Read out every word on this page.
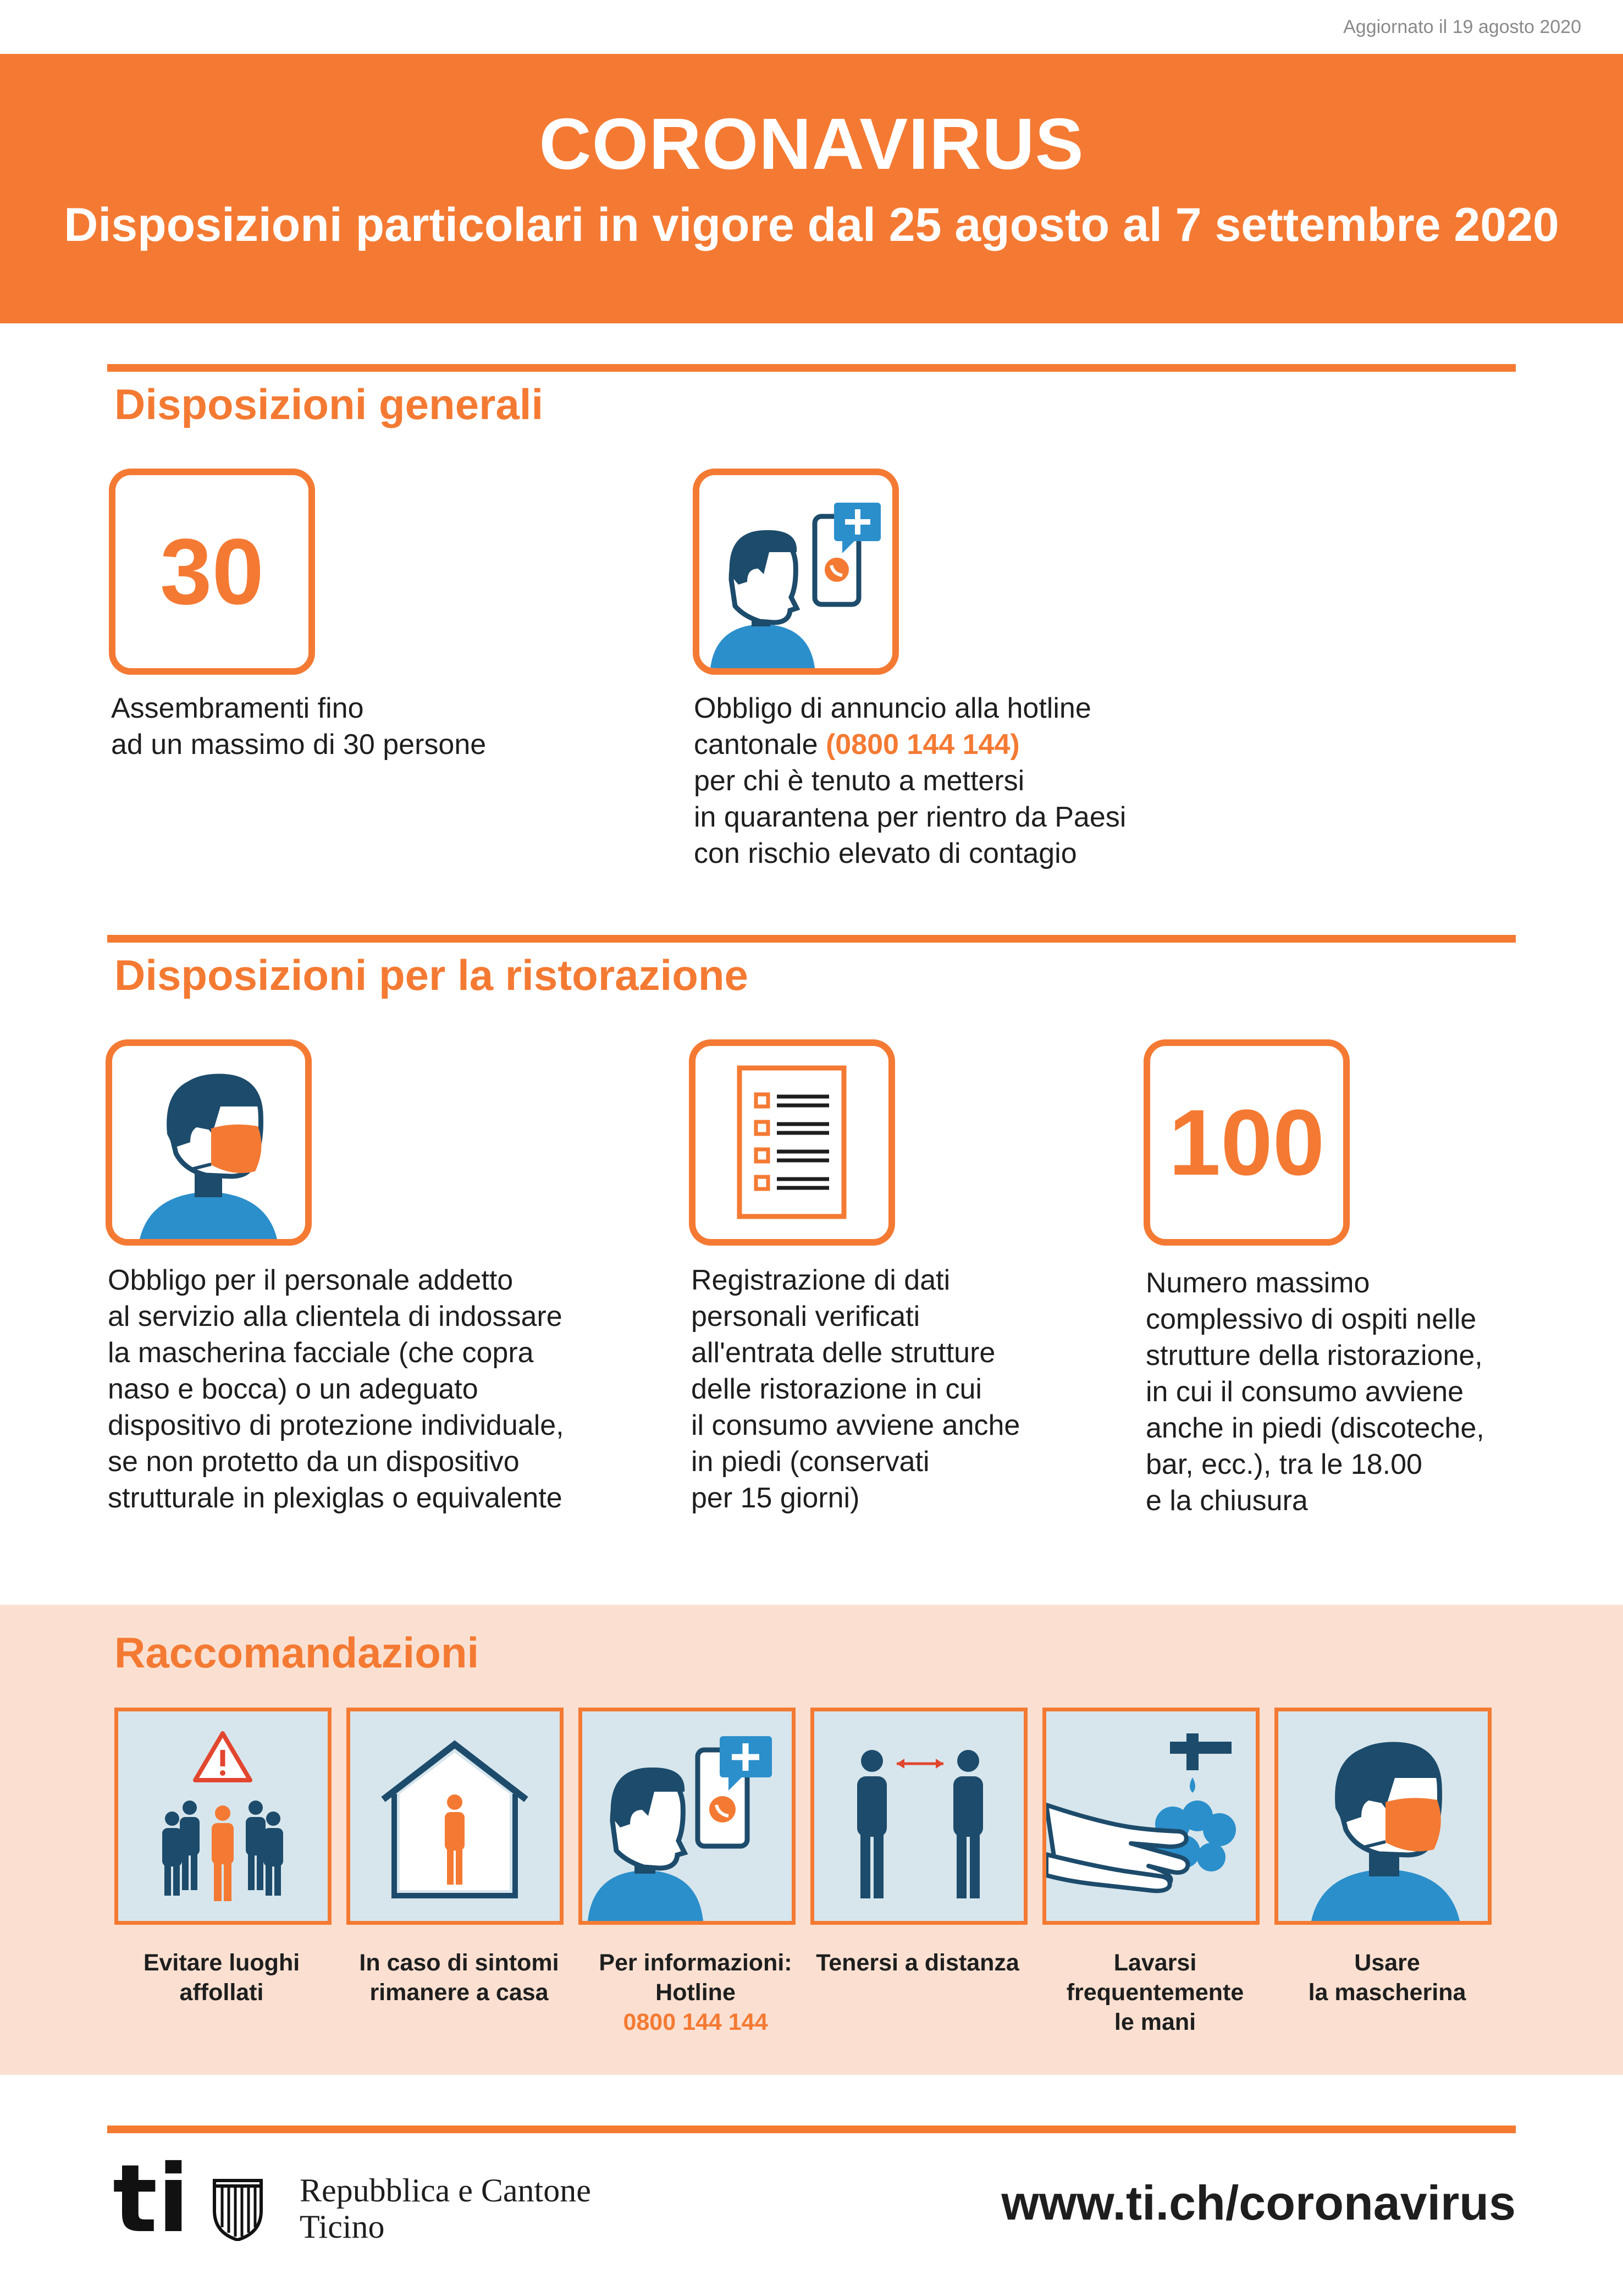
Aggiornato il 19 agosto 2020
CORONAVIRUS
Disposizioni particolari in vigore dal 25 agosto al 7 settembre 2020
Disposizioni generali
30
Assembramenti fino
ad un massimo di 30 persone
Obbligo di annuncio alla hotline
cantonale (0800 144 144)
per chi è tenuto a mettersi
in quarantena per rientro da Paesi
con rischio elevato di contagio
Disposizioni per la ristorazione
Obbligo per il personale addetto
al servizio alla clientela di indossare
la mascherina facciale (che copra
naso e bocca) o un adeguato
dispositivo di protezione individuale,
se non protetto da un dispositivo
strutturale in plexiglas o equivalente
Registrazione di dati
personali verificati
all'entrata delle strutture
delle ristorazione in cui
il consumo avviene anche
in piedi (conservati
per 15 giorni)
100
Numero massimo
complessivo di ospiti nelle
strutture della ristorazione,
in cui il consumo avviene
anche in piedi (discoteche,
bar, ecc.), tra le 18.00
e la chiusura
Raccomandazioni
Evitare luoghi
affollati
In caso di sintomi
rimanere a casa
Per informazioni:
Hotline
0800 144 144
Tenersi a distanza	Lavarsi
frequentemente
le mani
Usare
la mascherina
ti	Repubblica e Cantone
Ticino	www.ti.ch/coronavirus
